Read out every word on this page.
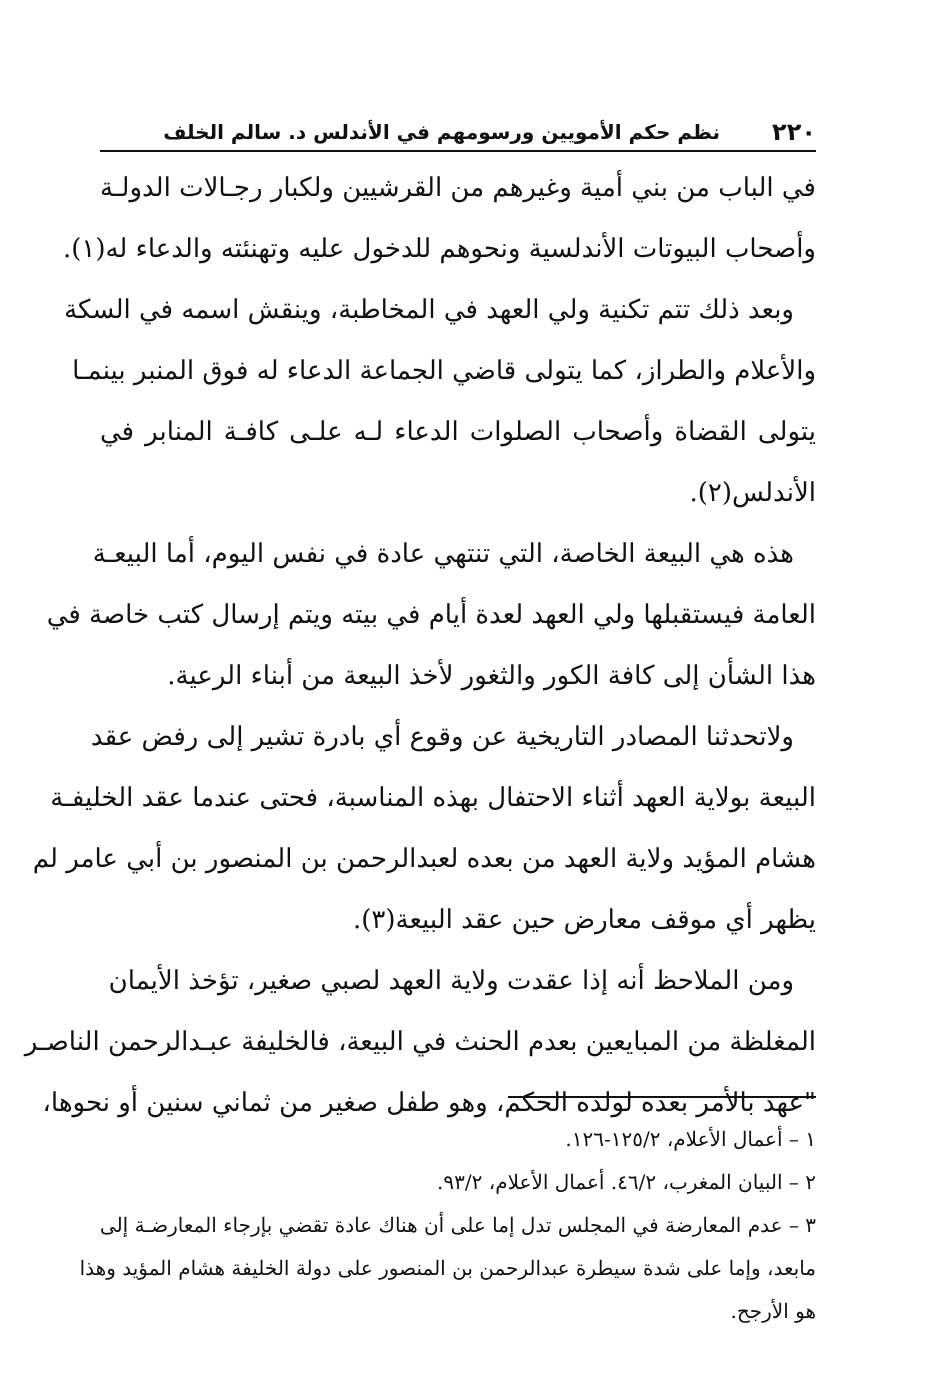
٢٢٠
نظم حكم الأمويين ورسومهم في الأندلس د. سالم الخلف
في الباب من بني أمية وغيرهم من القرشيين ولكبار رجـالات الدولـة
وأصحاب البيوتات الأندلسية ونحوهم للدخول عليه وتهنئته والدعاء له(١).
وبعد ذلك تتم تكنية ولي العهد في المخاطبة، وينقش اسمه في السكة
والأعلام والطراز، كما يتولى قاضي الجماعة الدعاء له فوق المنبر بينمـا
يتولى القضاة وأصحاب الصلوات الدعاء لـه علـى كافـة المنابر في
الأندلس(٢).
هذه هي البيعة الخاصة، التي تنتهي عادة في نفس اليوم، أما البيعـة
العامة فيستقبلها ولي العهد لعدة أيام في بيته ويتم إرسال كتب خاصة في
هذا الشأن إلى كافة الكور والثغور لأخذ البيعة من أبناء الرعية.
ولاتحدثنا المصادر التاريخية عن وقوع أي بادرة تشير إلى رفض عقد
البيعة بولاية العهد أثناء الاحتفال بهذه المناسبة، فحتى عندما عقد الخليفـة
هشام المؤيد ولاية العهد من بعده لعبدالرحمن بن المنصور بن أبي عامر لم
يظهر أي موقف معارض حين عقد البيعة(٣).
ومن الملاحظ أنه إذا عقدت ولاية العهد لصبي صغير، تؤخذ الأيمان
المغلظة من المبايعين بعدم الحنث في البيعة، فالخليفة عبـدالرحمن الناصـر
"عهد بالأمر بعده لولده الحكم، وهو طفل صغير من ثماني سنين أو نحوها،
١ – أعمال الأعلام، ١٢٥/٢-١٢٦.
٢ – البيان المغرب، ٤٦/٢. أعمال الأعلام، ٩٣/٢.
٣ – عدم المعارضة في المجلس تدل إما على أن هناك عادة تقضي بإرجاء المعارضـة إلى
مابعد، وإما على شدة سيطرة عبدالرحمن بن المنصور على دولة الخليفة هشام المؤيد وهذا
هو الأرجح.
